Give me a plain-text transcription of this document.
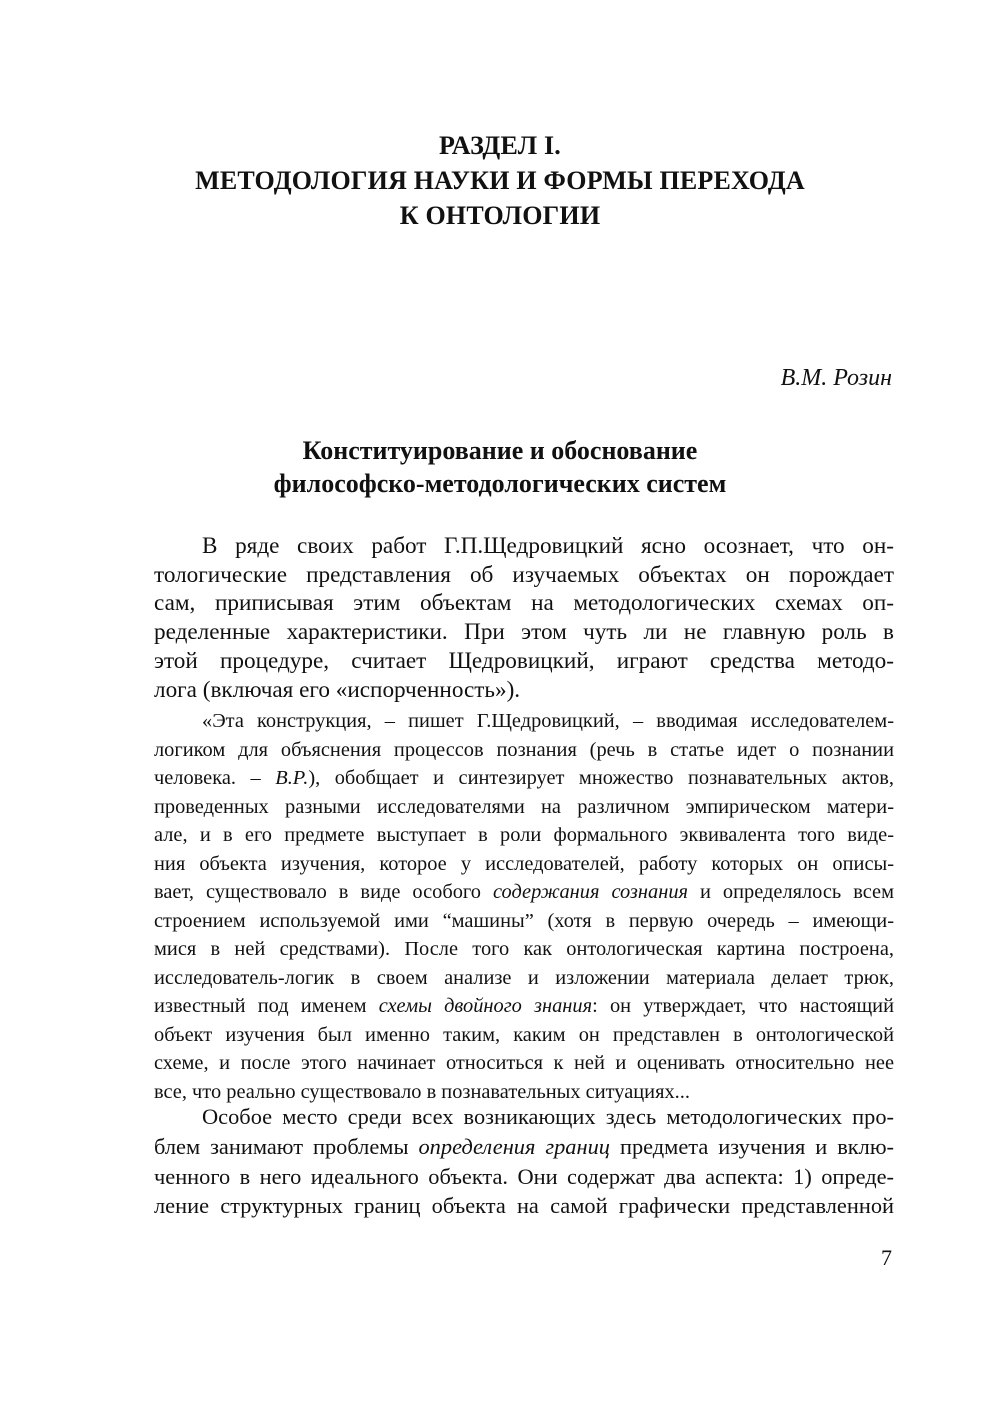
РАЗДЕЛ I.
МЕТОДОЛОГИЯ НАУКИ И ФОРМЫ ПЕРЕХОДА
К ОНТОЛОГИИ
В.М. Розин
Конституирование и обоснование
философско-методологических систем
В ряде своих работ Г.П.Щедровицкий ясно осознает, что он-
тологические представления об изучаемых объектах он порождает
сам, приписывая этим объектам на методологических схемах оп-
ределенные характеристики. При этом чуть ли не главную роль в
этой процедуре, считает Щедровицкий, играют средства методо-
лога (включая его «испорченность»).
«Эта конструкция, – пишет Г.Щедровицкий, – вводимая исследователем-
логиком для объяснения процессов познания (речь в статье идет о познании
человека. – В.Р.), обобщает и синтезирует множество познавательных актов,
проведенных разными исследователями на различном эмпирическом матери-
але, и в его предмете выступает в роли формального эквивалента того виде-
ния объекта изучения, которое у исследователей, работу которых он описы-
вает, существовало в виде особого содержания сознания и определялось всем
строением используемой ими “машины” (хотя в первую очередь – имеющи-
мися в ней средствами). После того как онтологическая картина построена,
исследователь-логик в своем анализе и изложении материала делает трюк,
известный под именем схемы двойного знания: он утверждает, что настоящий
объект изучения был именно таким, каким он представлен в онтологической
схеме, и после этого начинает относиться к ней и оценивать относительно нее
все, что реально существовало в познавательных ситуациях...
Особое место среди всех возникающих здесь методологических про-
блем занимают проблемы определения границ предмета изучения и вклю-
ченного в него идеального объекта. Они содержат два аспекта: 1) опреде-
ление структурных границ объекта на самой графически представленной
7
